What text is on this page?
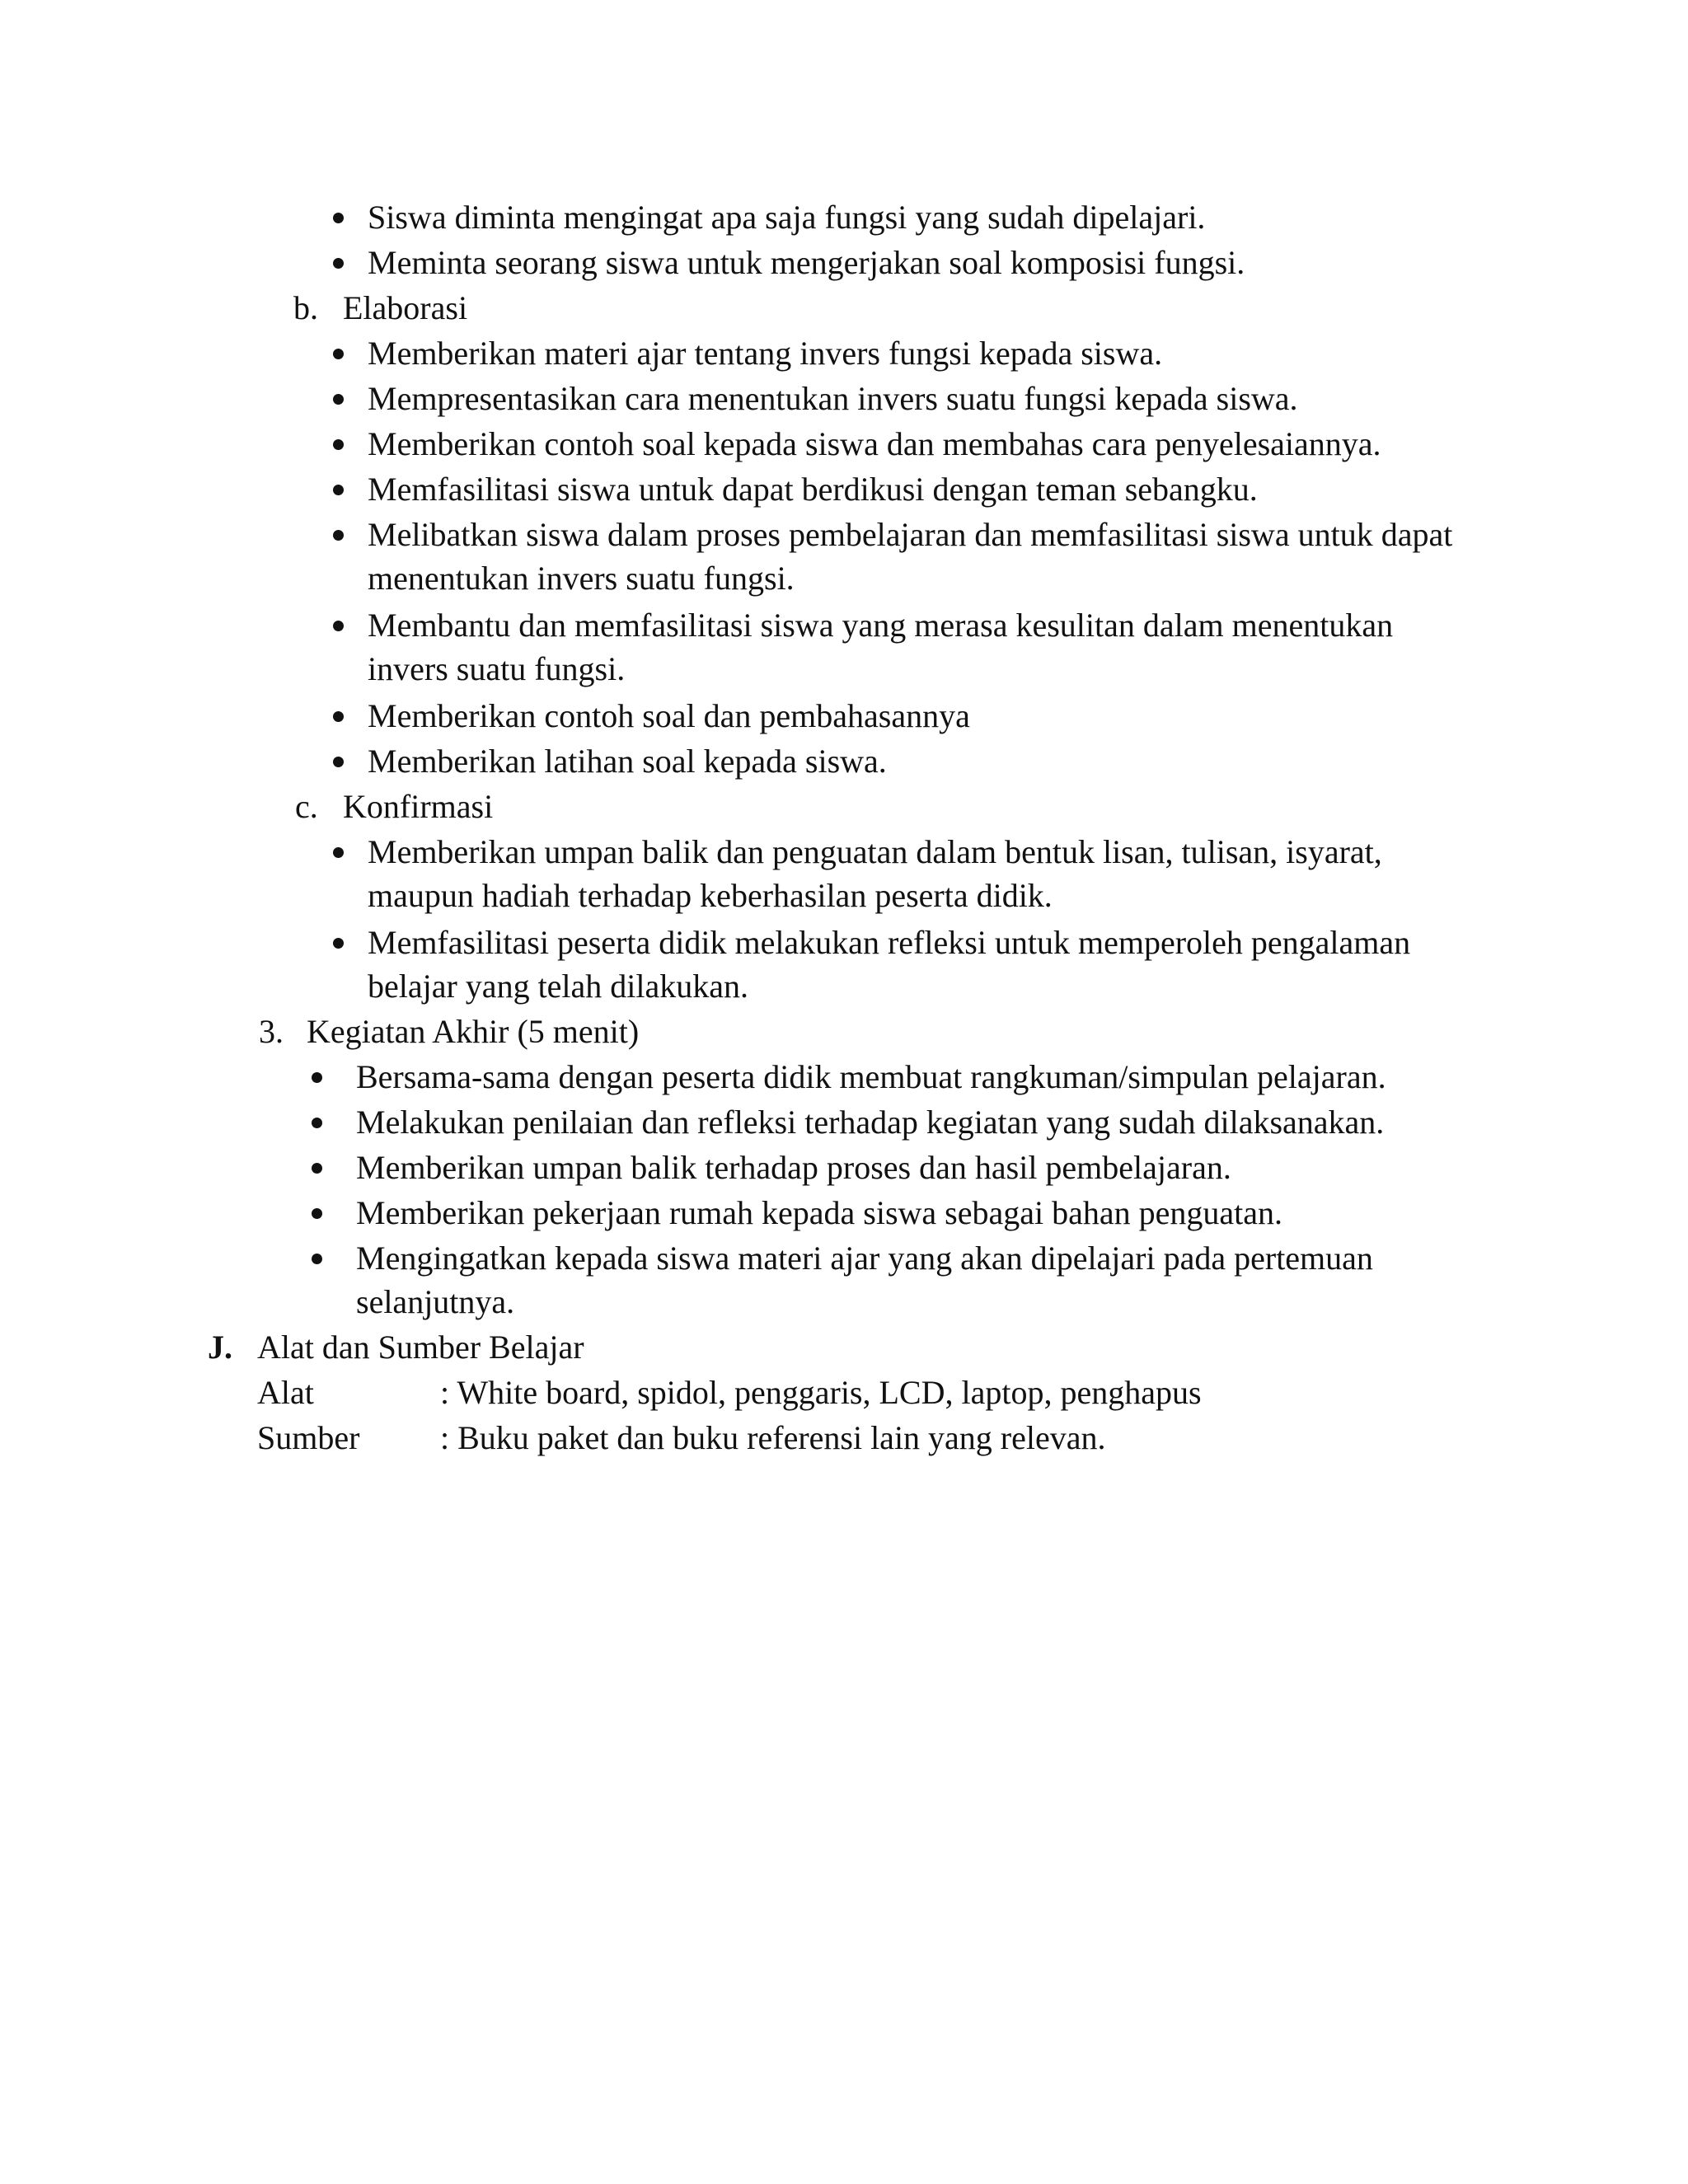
Siswa diminta mengingat apa saja fungsi yang sudah dipelajari.
Meminta seorang siswa untuk mengerjakan soal komposisi fungsi.
b. Elaborasi
Memberikan materi ajar tentang invers fungsi kepada siswa.
Mempresentasikan cara menentukan invers suatu fungsi kepada siswa.
Memberikan contoh soal kepada siswa dan membahas cara penyelesaiannya.
Memfasilitasi siswa untuk dapat berdikusi dengan teman sebangku.
Melibatkan siswa dalam proses pembelajaran dan memfasilitasi siswa untuk dapat
menentukan invers suatu fungsi.
Membantu dan memfasilitasi siswa yang merasa kesulitan dalam menentukan
invers suatu fungsi.
Memberikan contoh soal dan pembahasannya
Memberikan latihan soal kepada siswa.
c. Konfirmasi
Memberikan umpan balik dan penguatan dalam bentuk lisan, tulisan, isyarat,
maupun hadiah terhadap keberhasilan peserta didik.
Memfasilitasi peserta didik melakukan refleksi untuk memperoleh pengalaman
belajar yang telah dilakukan.
3. Kegiatan Akhir (5 menit)
Bersama-sama dengan peserta didik membuat rangkuman/simpulan pelajaran.
Melakukan penilaian dan refleksi terhadap kegiatan yang sudah dilaksanakan.
Memberikan umpan balik terhadap proses dan hasil pembelajaran.
Memberikan pekerjaan rumah kepada siswa sebagai bahan penguatan.
Mengingatkan kepada siswa materi ajar yang akan dipelajari pada pertemuan
selanjutnya.
J. Alat dan Sumber Belajar
Alat	: White board, spidol, penggaris, LCD, laptop, penghapus
Sumber : Buku paket dan buku referensi lain yang relevan.
